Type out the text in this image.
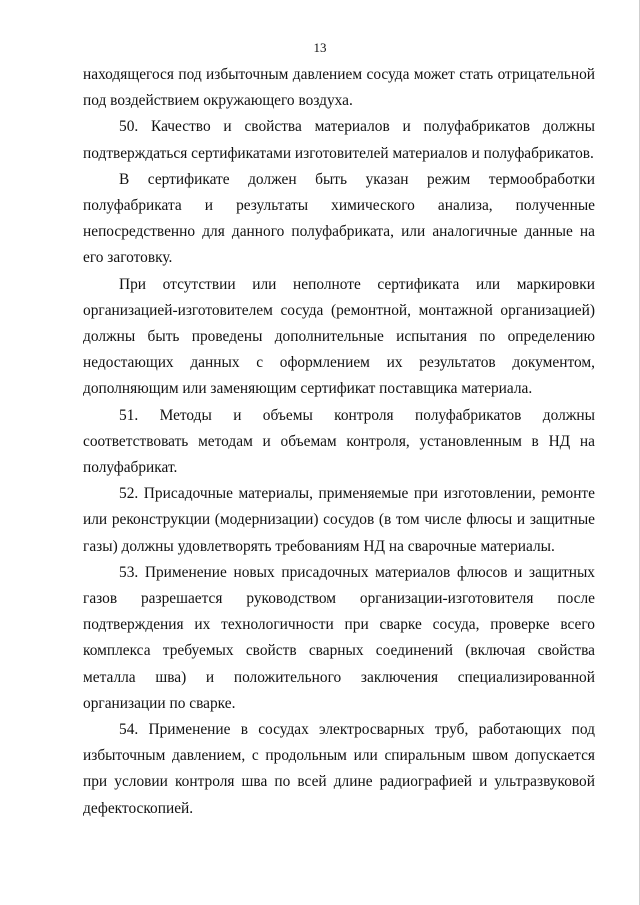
13

находящегося под избыточным давлением сосуда может стать отрицательной под воздействием окружающего воздуха.

50. Качество и свойства материалов и полуфабрикатов должны подтверждаться сертификатами изготовителей материалов и полуфабрикатов.

В сертификате должен быть указан режим термообработки полуфабриката и результаты химического анализа, полученные непосредственно для данного полуфабриката, или аналогичные данные на его заготовку.

При отсутствии или неполноте сертификата или маркировки организацией-изготовителем сосуда (ремонтной, монтажной организацией) должны быть проведены дополнительные испытания по определению недостающих данных с оформлением их результатов документом, дополняющим или заменяющим сертификат поставщика материала.

51. Методы и объемы контроля полуфабрикатов должны соответствовать методам и объемам контроля, установленным в НД на полуфабрикат.

52. Присадочные материалы, применяемые при изготовлении, ремонте или реконструкции (модернизации) сосудов (в том числе флюсы и защитные газы) должны удовлетворять требованиям НД на сварочные материалы.

53. Применение новых присадочных материалов флюсов и защитных газов разрешается руководством организации-изготовителя после подтверждения их технологичности при сварке сосуда, проверке всего комплекса требуемых свойств сварных соединений (включая свойства металла шва) и положительного заключения специализированной организации по сварке.

54. Применение в сосудах электросварных труб, работающих под избыточным давлением, с продольным или спиральным швом допускается при условии контроля шва по всей длине радиографией и ультразвуковой дефектоскопией.
